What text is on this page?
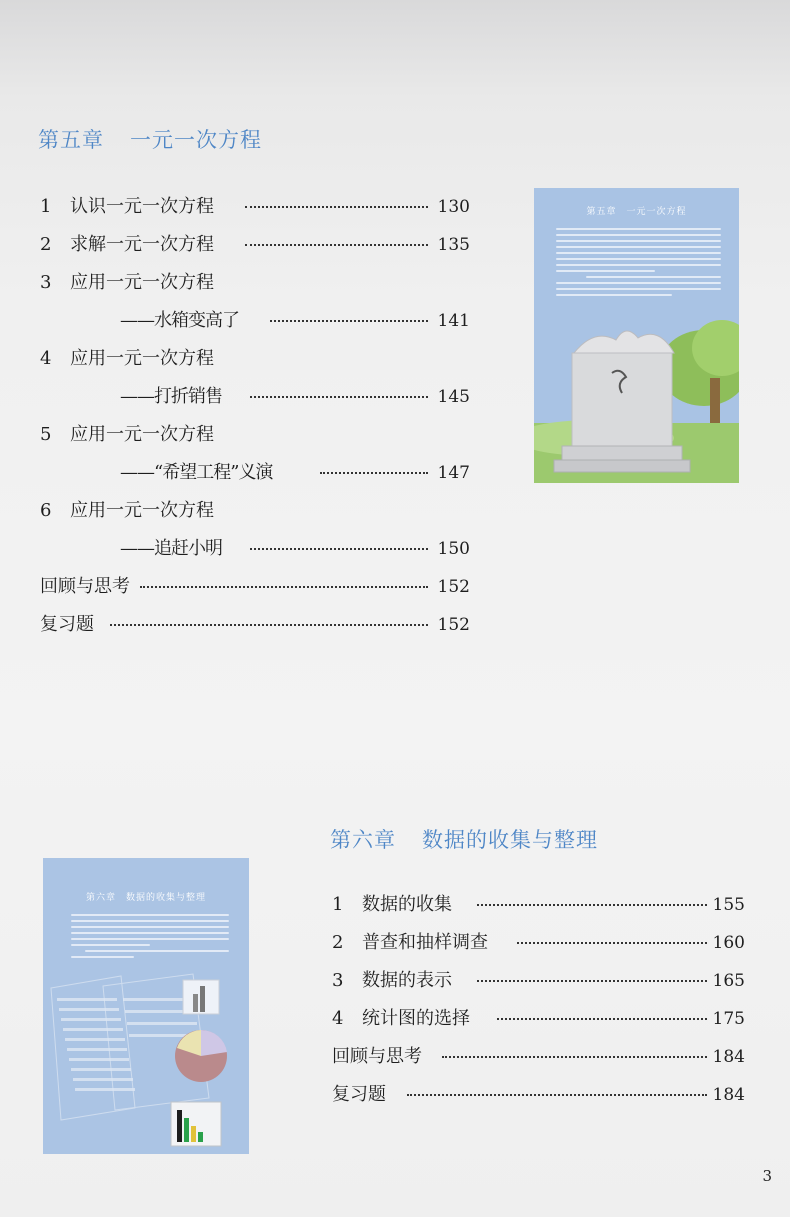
第五章 一元一次方程
1 认识一元一次方程	130
2 求解一元一次方程	135
3 应用一元一次方程
——水箱变高了	141
4 应用一元一次方程
——打折销售	145
5 应用一元一次方程
——“希望工程”义演	147
6 应用一元一次方程
——追赶小明	150
回顾与思考	152
复习题	152
第五章　一元一次方程
第六章 数据的收集与整理
1 数据的收集	155
2 普查和抽样调查	160
3 数据的表示	165
4 统计图的选择	175
回顾与思考	184
复习题	184
第六章　数据的收集与整理
3
